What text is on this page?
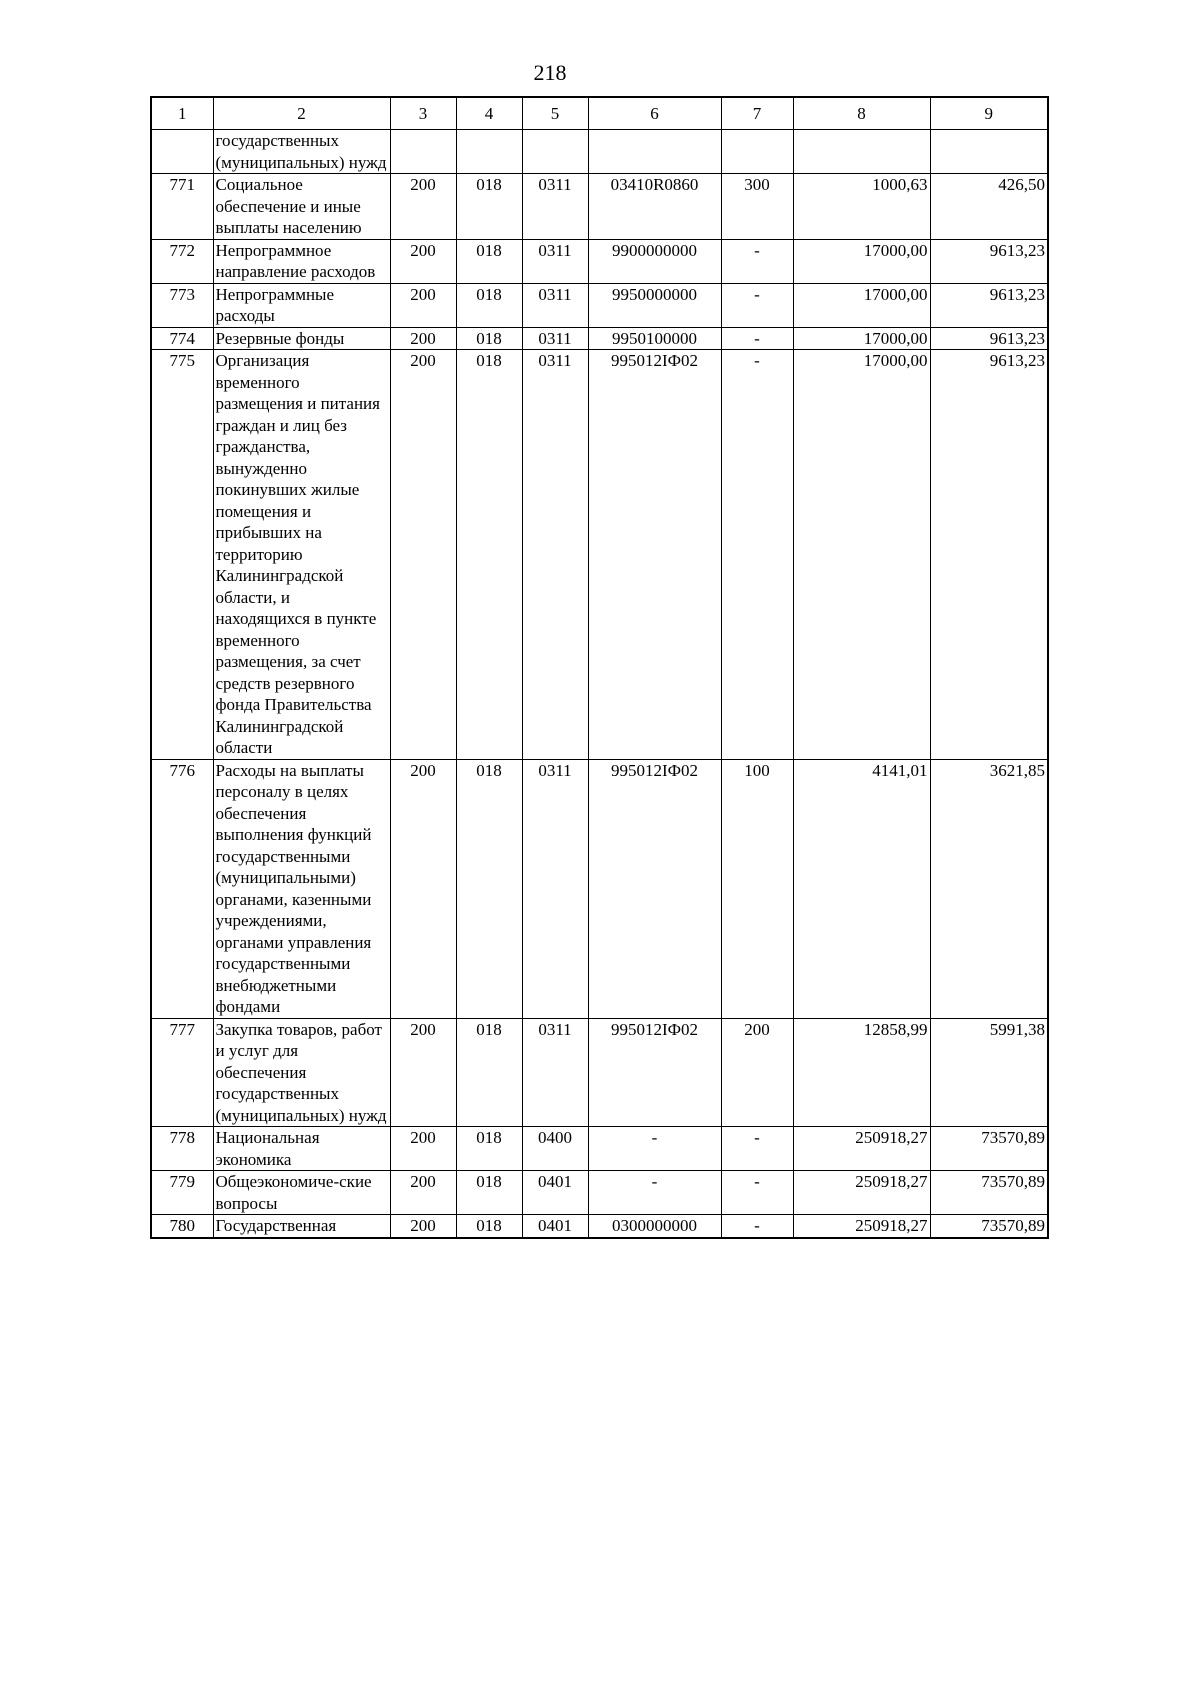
218
1	2	3	4	5	6	7	8	9
	государственных (муниципальных) нужд							
771	Социальное обеспечение и иные выплаты населению	200	018	0311	03410R0860	300	1000,63	426,50
772	Непрограммное направление расходов	200	018	0311	9900000000	-	17000,00	9613,23
773	Непрограммные расходы	200	018	0311	9950000000	-	17000,00	9613,23
774	Резервные фонды	200	018	0311	9950100000	-	17000,00	9613,23
775	Организация временного размещения и питания граждан и лиц без гражданства, вынужденно покинувших жилые помещения и прибывших на территорию Калининградской области, и находящихся в пункте временного размещения, за счет средств резервного фонда Правительства Калининградской области	200	018	0311	995012IФ02	-	17000,00	9613,23
776	Расходы на выплаты персоналу в целях обеспечения выполнения функций государственными (муниципальными) органами, казенными учреждениями, органами управления государственными внебюджетными фондами	200	018	0311	995012IФ02	100	4141,01	3621,85
777	Закупка товаров, работ и услуг для обеспечения государственных (муниципальных) нужд	200	018	0311	995012IФ02	200	12858,99	5991,38
778	Национальная экономика	200	018	0400	-	-	250918,27	73570,89
779	Общеэкономиче-ские вопросы	200	018	0401	-	-	250918,27	73570,89
780	Государственная	200	018	0401	0300000000	-	250918,27	73570,89
